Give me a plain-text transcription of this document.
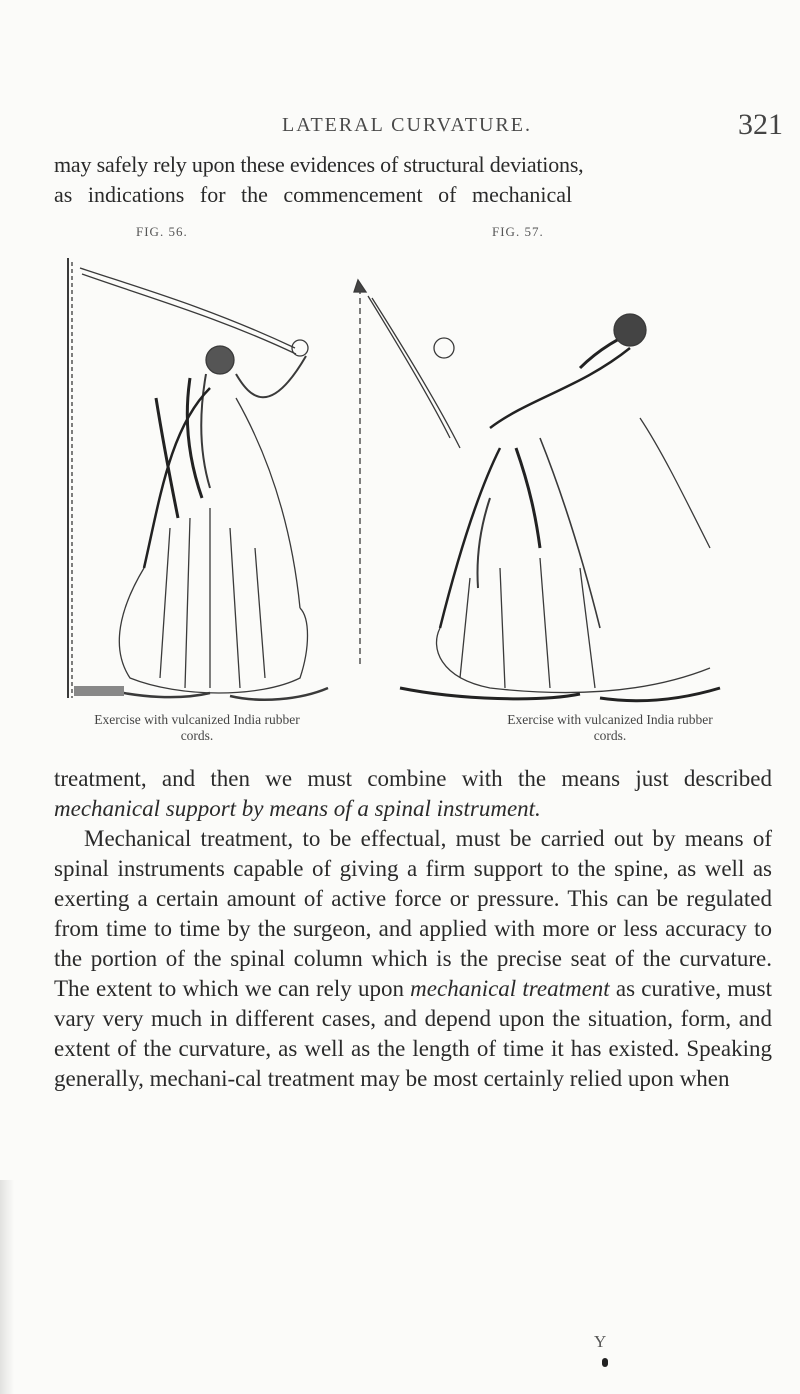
LATERAL CURVATURE.	321
may safely rely upon these evidences of structural deviations,
as indications for the commencement of mechanical
FIG. 56.
Exercise with vulcanized India rubber
cords.
FIG. 57.
Exercise with vulcanized India rubber
cords.

treatment, and then we must combine with the means just described mechanical support by means of a spinal instrument.

Mechanical treatment, to be effectual, must be carried out by means of spinal instruments capable of giving a firm support to the spine, as well as exerting a certain amount of active force or pressure. This can be regulated from time to time by the surgeon, and applied with more or less accuracy to the portion of the spinal column which is the precise seat of the curvature. The extent to which we can rely upon mechanical treatment as curative, must vary very much in different cases, and depend upon the situation, form, and extent of the curvature, as well as the length of time it has existed. Speaking generally, mechani-cal treatment may be most certainly relied upon when

Y
